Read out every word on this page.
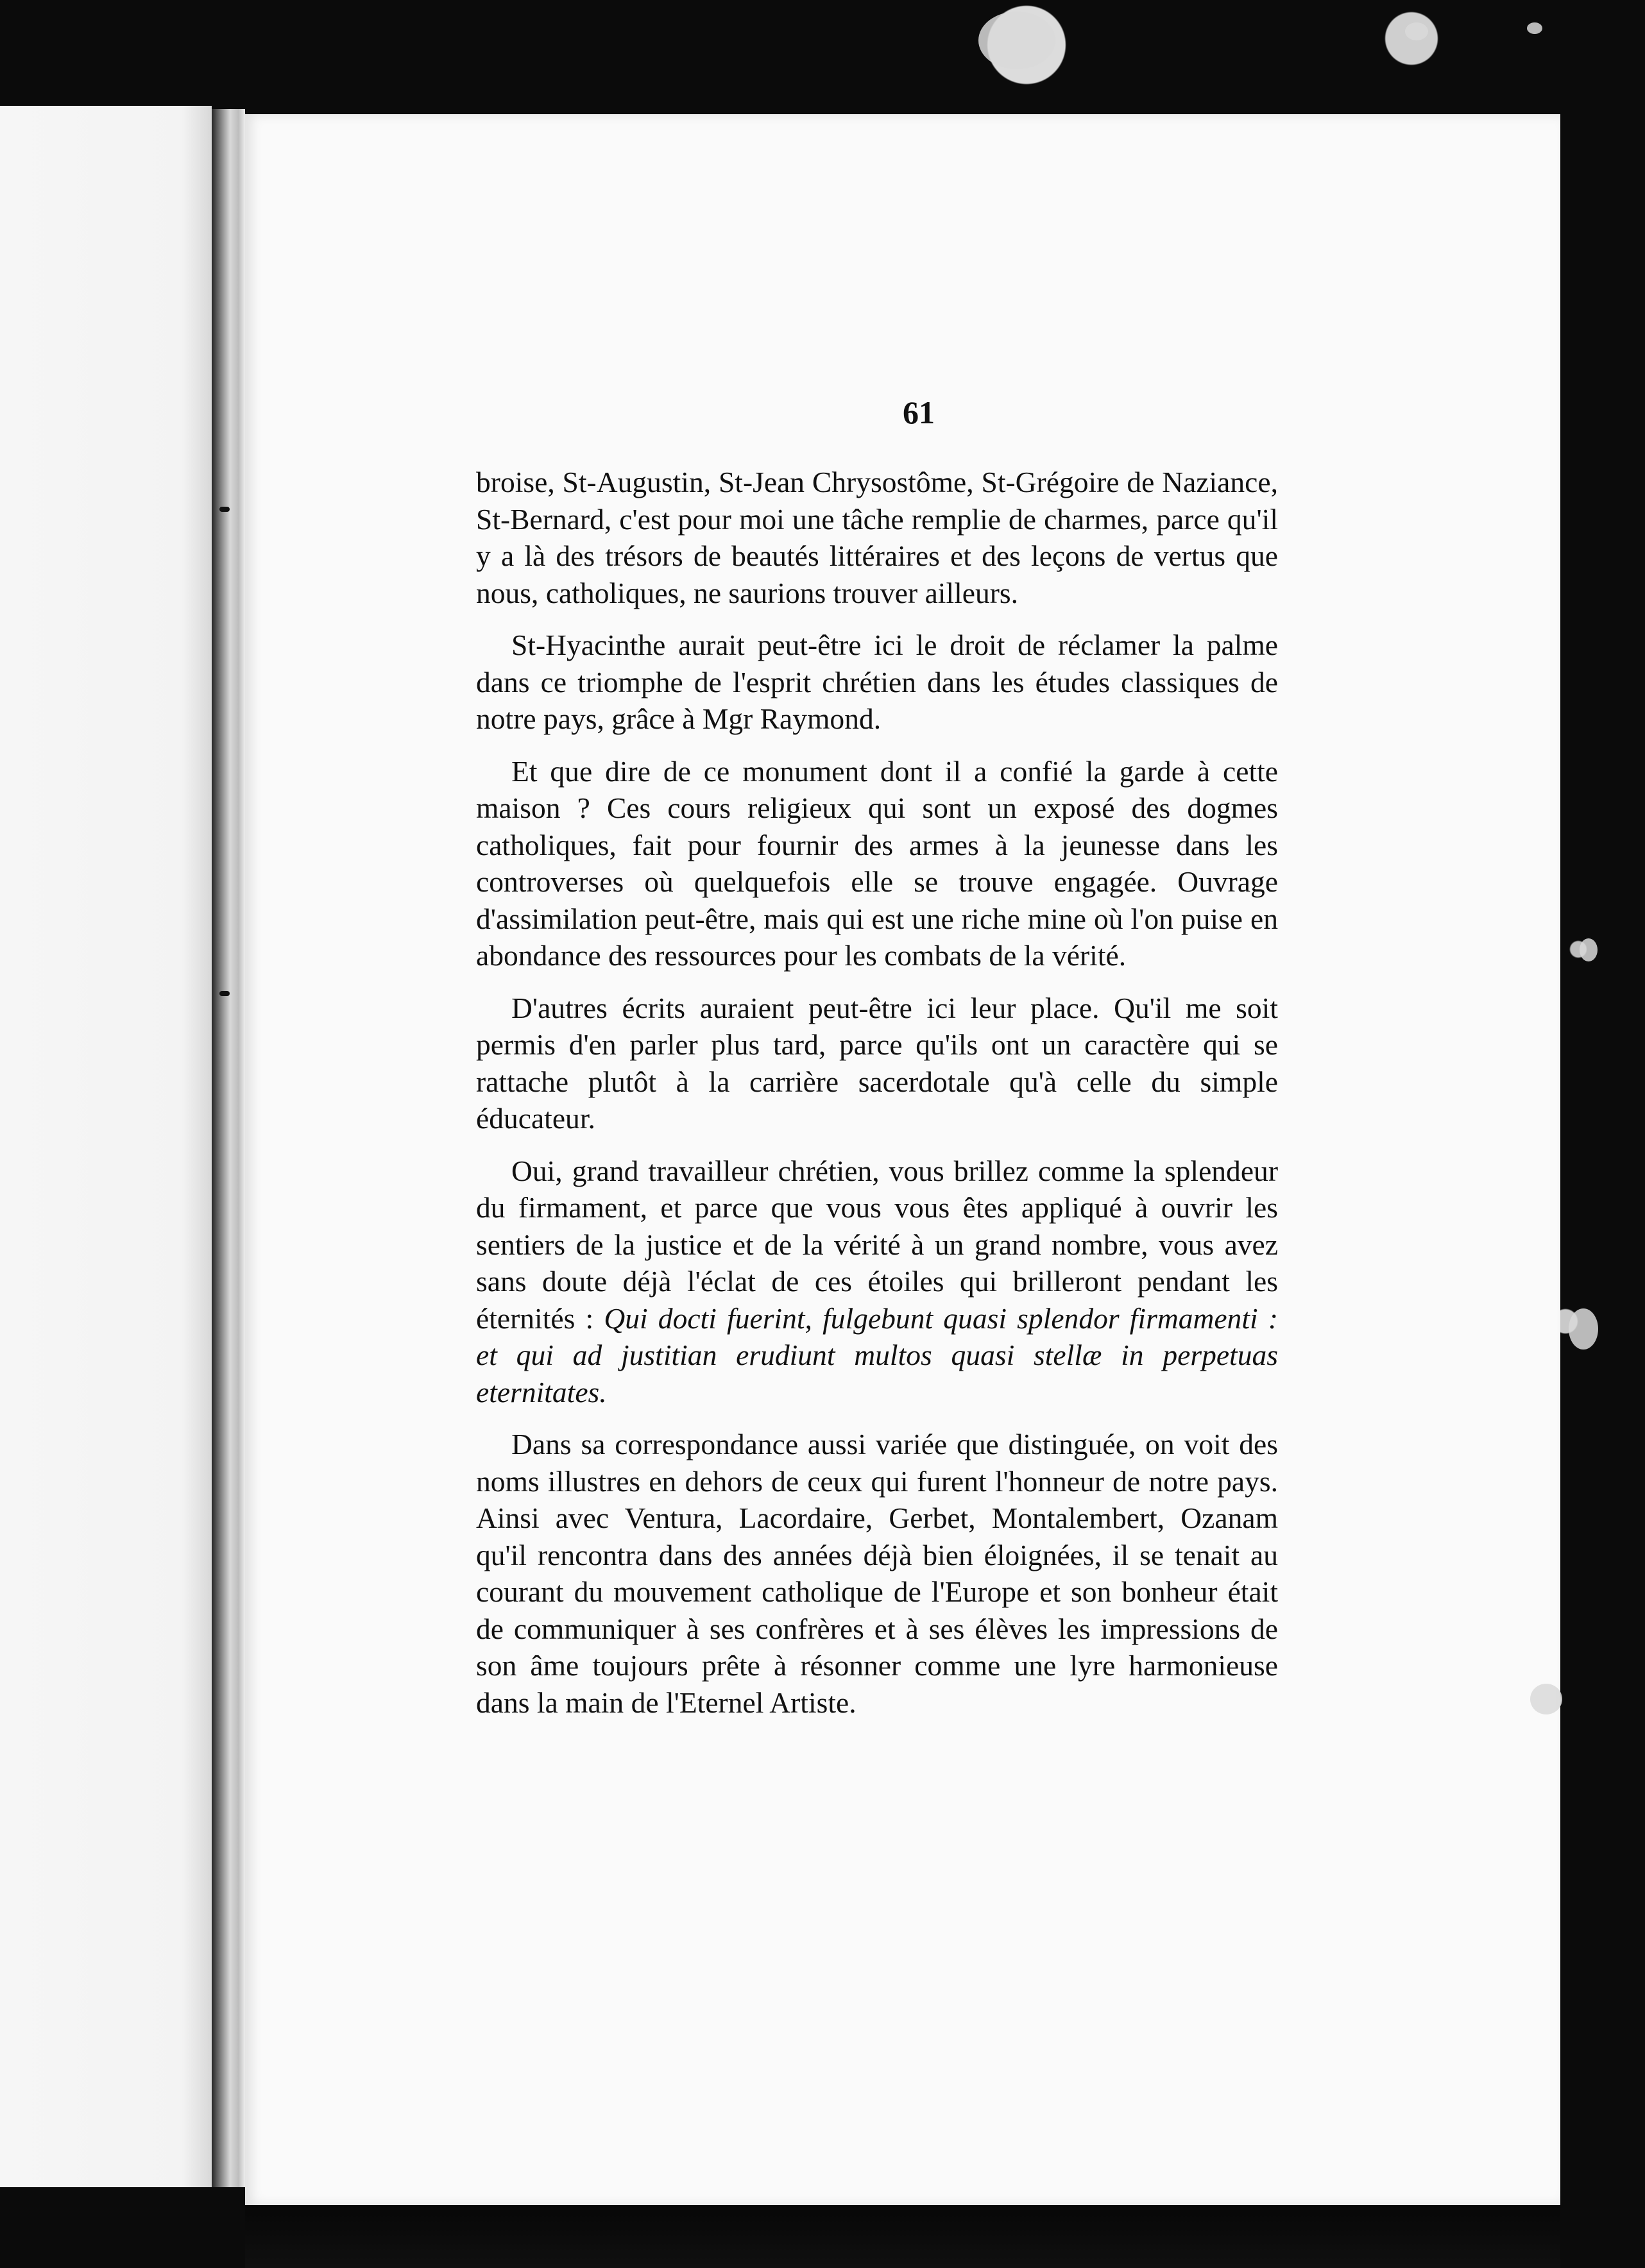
61

broise, St-Augustin, St-Jean Chrysostôme, St-Grégoire de Naziance, St-Bernard, c'est pour moi une tâche remplie de charmes, parce qu'il y a là des trésors de beautés littéraires et des leçons de vertus que nous, catholiques, ne saurions trouver ailleurs.

St-Hyacinthe aurait peut-être ici le droit de réclamer la palme dans ce triomphe de l'esprit chrétien dans les études classiques de notre pays, grâce à Mgr Raymond.

Et que dire de ce monument dont il a confié la garde à cette maison ? Ces cours religieux qui sont un exposé des dogmes catholiques, fait pour fournir des armes à la jeunesse dans les controverses où quelquefois elle se trouve engagée. Ouvrage d'assimilation peut-être, mais qui est une riche mine où l'on puise en abondance des ressources pour les combats de la vérité.

D'autres écrits auraient peut-être ici leur place. Qu'il me soit permis d'en parler plus tard, parce qu'ils ont un caractère qui se rattache plutôt à la carrière sacerdotale qu'à celle du simple éducateur.

Oui, grand travailleur chrétien, vous brillez comme la splendeur du firmament, et parce que vous vous êtes appliqué à ouvrir les sentiers de la justice et de la vérité à un grand nombre, vous avez sans doute déjà l'éclat de ces étoiles qui brilleront pendant les éternités : Qui docti fuerint, fulgebunt quasi splendor firmamenti : et qui ad justitian erudiunt multos quasi stellæ in perpetuas eternitates.

Dans sa correspondance aussi variée que distinguée, on voit des noms illustres en dehors de ceux qui furent l'honneur de notre pays. Ainsi avec Ventura, Lacordaire, Gerbet, Montalembert, Ozanam qu'il rencontra dans des années déjà bien éloignées, il se tenait au courant du mouvement catholique de l'Europe et son bonheur était de communiquer à ses confrères et à ses élèves les impressions de son âme toujours prête à résonner comme une lyre harmonieuse dans la main de l'Eternel Artiste.
